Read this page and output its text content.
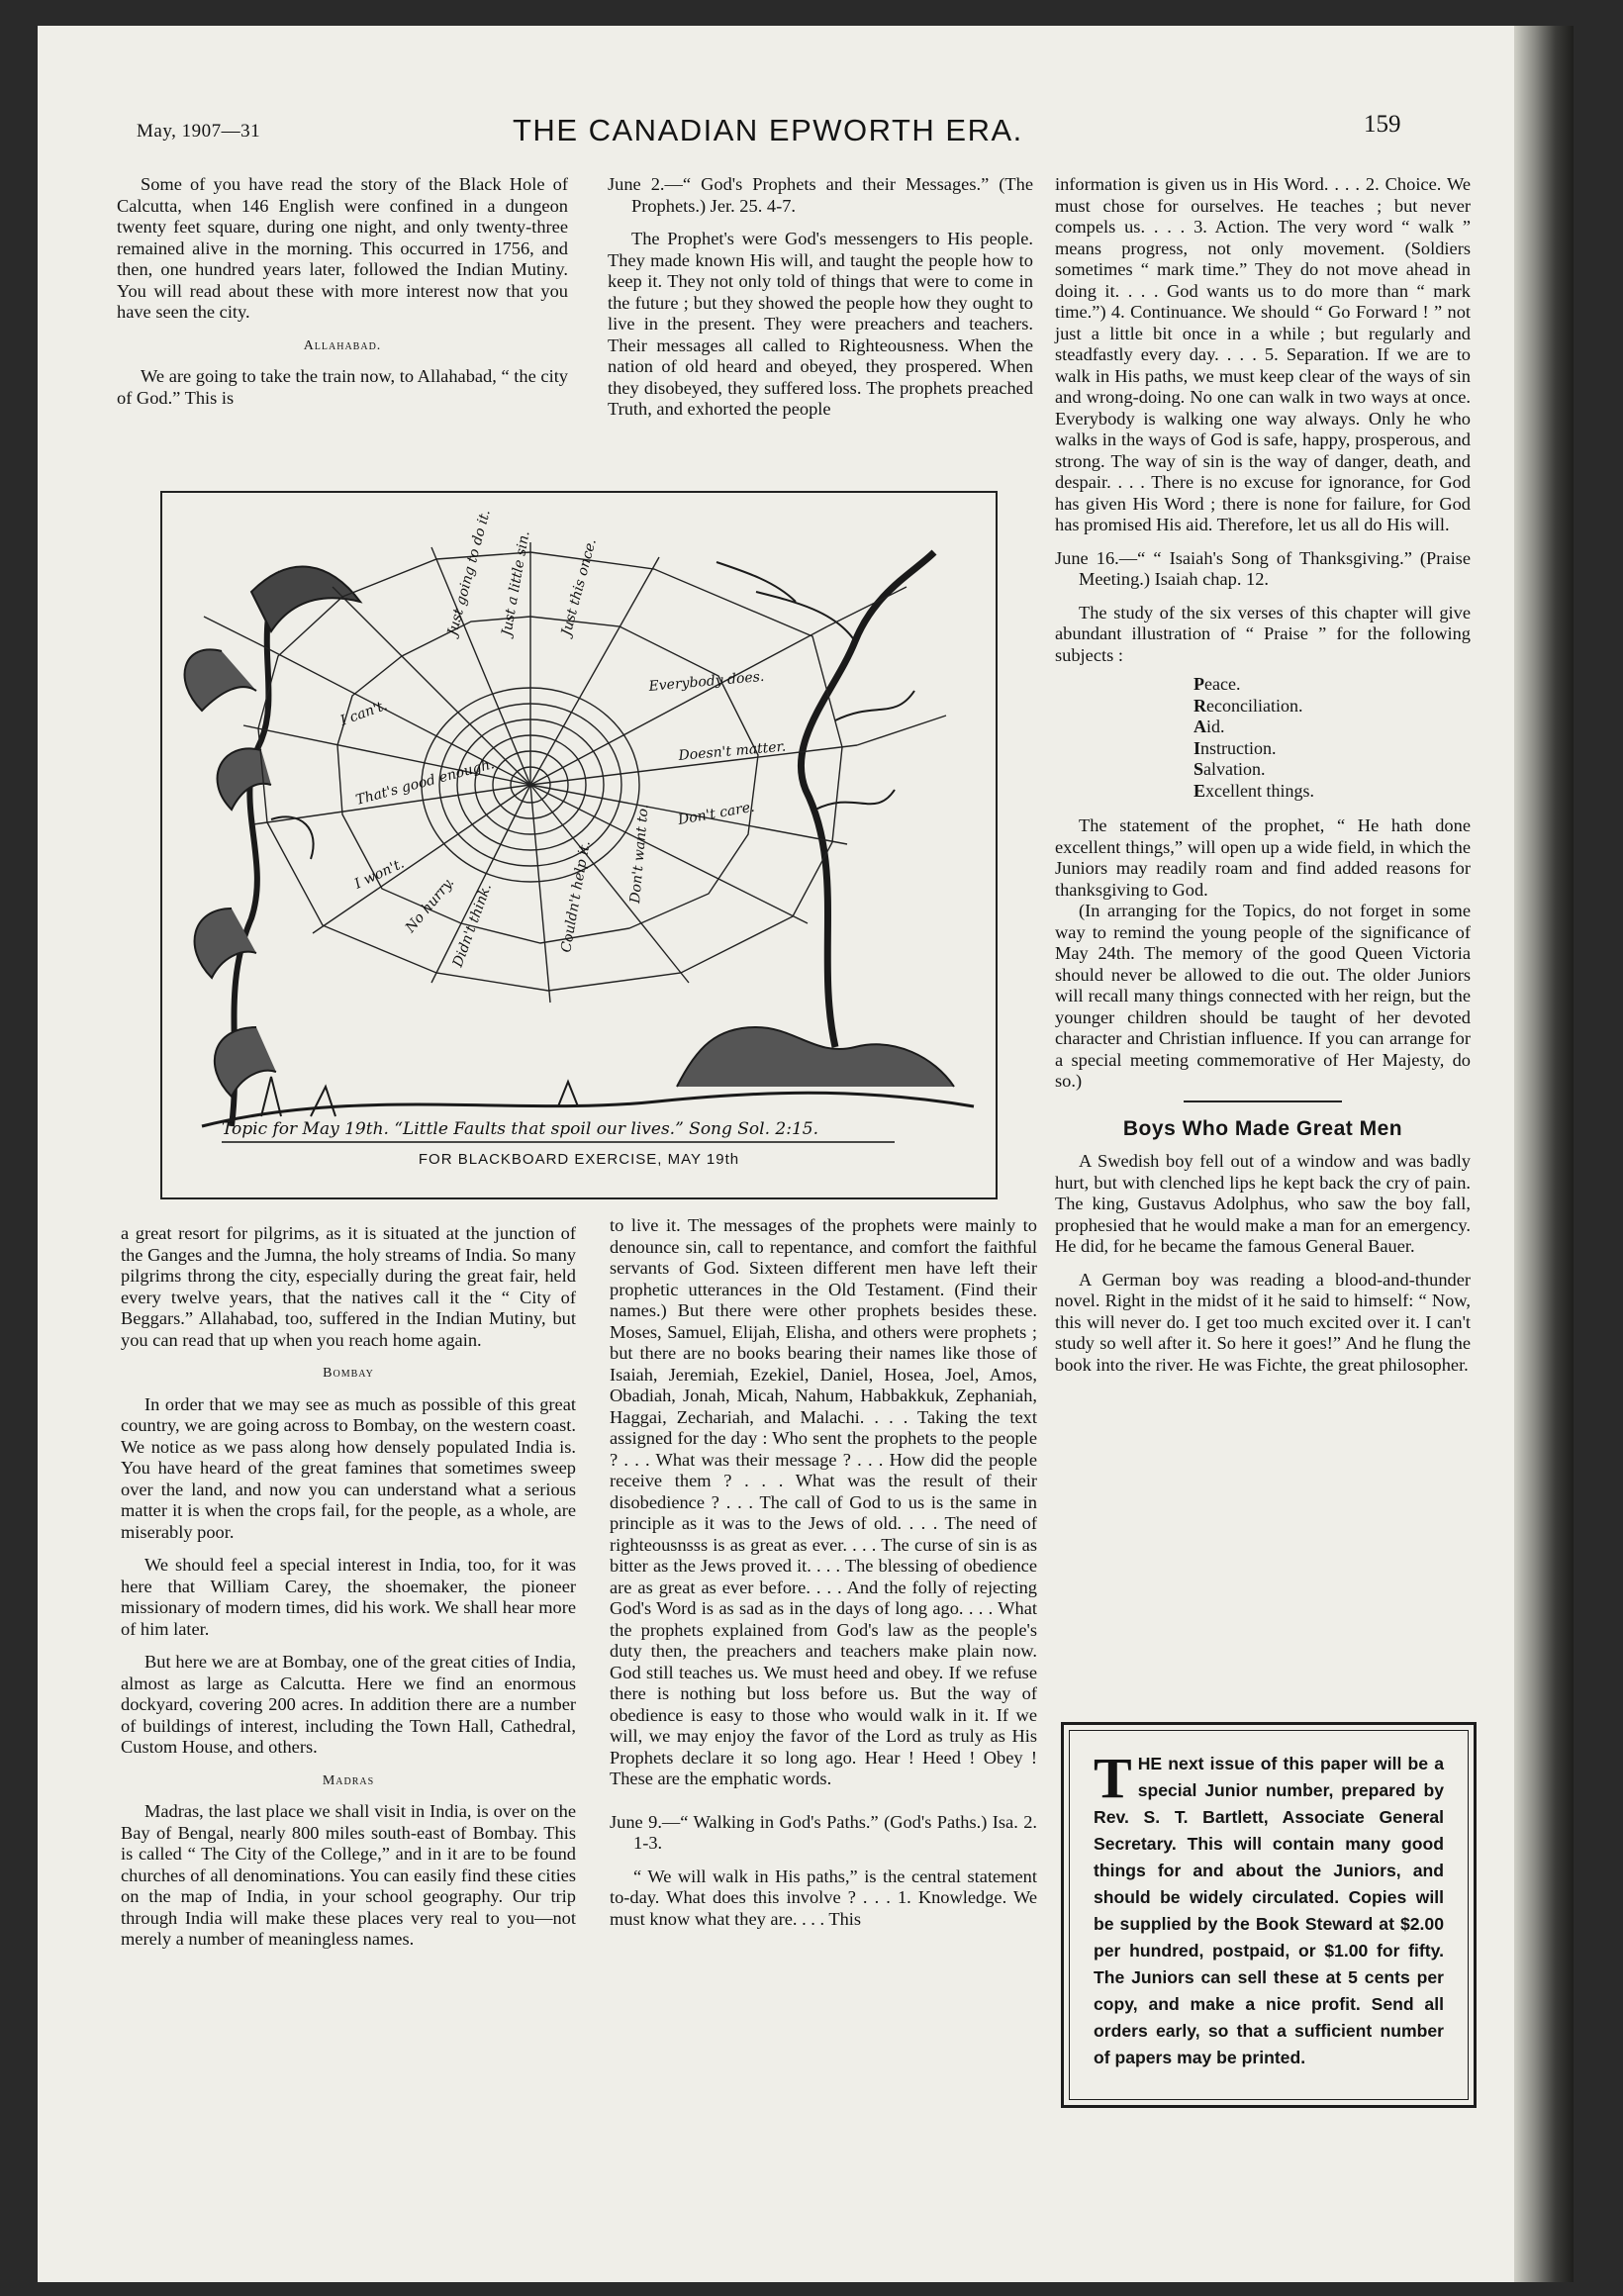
May, 1907—31	THE CANADIAN EPWORTH ERA.	159

Some of you have read the story of the Black Hole of Calcutta, when 146 English were confined in a dungeon twenty feet square, during one night, and only twenty-three remained alive in the morning. This occurred in 1756, and then, one hundred years later, followed the Indian Mutiny. You will read about these with more interest now that you have seen the city.

Allahabad.

We are going to take the train now, to Allahabad, “ the city of God.” This is

June 2.—“ God's Prophets and their Messages.” (The Prophets.) Jer. 25. 4-7.

The Prophet's were God's messengers to His people. They made known His will, and taught the people how to keep it. They not only told of things that were to come in the future ; but they showed the people how they ought to live in the present. They were preachers and teachers. Their messages all called to Righteousness. When the nation of old heard and obeyed, they prospered. When they disobeyed, they suffered loss. The prophets preached Truth, and exhorted the people

I can't.
That's good enough.
I won't.
No hurry.
Didn't think.	Couldn't help it. Don't want to. Don't care.
Doesn't matter.
Everybody does.
Just this once.
Just a little sin.
Just going to do it.
Topic for May 19th. “Little Faults that spoil our lives.” Song Sol. 2:15.
FOR BLACKBOARD EXERCISE, MAY 19th

a great resort for pilgrims, as it is situated at the junction of the Ganges and the Jumna, the holy streams of India. So many pilgrims throng the city, especially during the great fair, held every twelve years, that the natives call it the “ City of Beggars.” Allahabad, too, suffered in the Indian Mutiny, but you can read that up when you reach home again.

Bombay

In order that we may see as much as possible of this great country, we are going across to Bombay, on the western coast. We notice as we pass along how densely populated India is. You have heard of the great famines that sometimes sweep over the land, and now you can understand what a serious matter it is when the crops fail, for the people, as a whole, are miserably poor.

We should feel a special interest in India, too, for it was here that William Carey, the shoemaker, the pioneer missionary of modern times, did his work. We shall hear more of him later.

But here we are at Bombay, one of the great cities of India, almost as large as Calcutta. Here we find an enormous dockyard, covering 200 acres. In addition there are a number of buildings of interest, including the Town Hall, Cathedral, Custom House, and others.

Madras

Madras, the last place we shall visit in India, is over on the Bay of Bengal, nearly 800 miles south-east of Bombay. This is called “ The City of the College,” and in it are to be found churches of all denominations. You can easily find these cities on the map of India, in your school geography. Our trip through India will make these places very real to you—not merely a number of meaningless names.

to live it. The messages of the prophets were mainly to denounce sin, call to repentance, and comfort the faithful servants of God. Sixteen different men have left their prophetic utterances in the Old Testament. (Find their names.) But there were other prophets besides these. Moses, Samuel, Elijah, Elisha, and others were prophets ; but there are no books bearing their names like those of Isaiah, Jeremiah, Ezekiel, Daniel, Hosea, Joel, Amos, Obadiah, Jonah, Micah, Nahum, Habbakkuk, Zephaniah, Haggai, Zechariah, and Malachi. . . . Taking the text assigned for the day : Who sent the prophets to the people ? . . . What was their message ? . . . How did the people receive them ? . . . What was the result of their disobedience ? . . . The call of God to us is the same in principle as it was to the Jews of old. . . . The need of righteousnsss is as great as ever. . . . The curse of sin is as bitter as the Jews proved it. . . . The blessing of obedience are as great as ever before. . . . And the folly of rejecting God's Word is as sad as in the days of long ago. . . . What the prophets explained from God's law as the people's duty then, the preachers and teachers make plain now. God still teaches us. We must heed and obey. If we refuse there is nothing but loss before us. But the way of obedience is easy to those who would walk in it. If we will, we may enjoy the favor of the Lord as truly as His Prophets declare it so long ago. Hear ! Heed ! Obey ! These are the emphatic words.

June 9.—“ Walking in God's Paths.” (God's Paths.) Isa. 2. 1-3.

“ We will walk in His paths,” is the central statement to-day. What does this involve ? . . . 1. Knowledge. We must know what they are. . . . This

information is given us in His Word. . . . 2. Choice. We must chose for ourselves. He teaches ; but never compels us. . . . 3. Action. The very word “ walk ” means progress, not only movement. (Soldiers sometimes “ mark time.” They do not move ahead in doing it. . . . God wants us to do more than “ mark time.”) 4. Continuance. We should “ Go Forward ! ” not just a little bit once in a while ; but regularly and steadfastly every day. . . . 5. Separation. If we are to walk in His paths, we must keep clear of the ways of sin and wrong-doing. No one can walk in two ways at once. Everybody is walking one way always. Only he who walks in the ways of God is safe, happy, prosperous, and strong. The way of sin is the way of danger, death, and despair. . . . There is no excuse for ignorance, for God has given His Word ; there is none for failure, for God has promised His aid. Therefore, let us all do His will.

June 16.—“ “ Isaiah's Song of Thanksgiving.” (Praise Meeting.) Isaiah chap. 12.

The study of the six verses of this chapter will give abundant illustration of “ Praise ” for the following subjects :

Peace.
Reconciliation.
Aid.
Instruction.
Salvation.
Excellent things.

The statement of the prophet, “ He hath done excellent things,” will open up a wide field, in which the Juniors may readily roam and find added reasons for thanksgiving to God.

(In arranging for the Topics, do not forget in some way to remind the young people of the significance of May 24th. The memory of the good Queen Victoria should never be allowed to die out. The older Juniors will recall many things connected with her reign, but the younger children should be taught of her devoted character and Christian influence. If you can arrange for a special meeting commemorative of Her Majesty, do so.)

Boys Who Made Great Men

A Swedish boy fell out of a window and was badly hurt, but with clenched lips he kept back the cry of pain. The king, Gustavus Adolphus, who saw the boy fall, prophesied that he would make a man for an emergency. He did, for he became the famous General Bauer.

A German boy was reading a blood-and-thunder novel. Right in the midst of it he said to himself: “ Now, this will never do. I get too much excited over it. I can't study so well after it. So here it goes!” And he flung the book into the river. He was Fichte, the great philosopher.

THE next issue of this paper will be a special Junior number, prepared by Rev. S. T. Bartlett, Associate General Secretary. This will contain many good things for and about the Juniors, and should be widely circulated. Copies will be supplied by the Book Steward at $2.00 per hundred, postpaid, or $1.00 for fifty. The Juniors can sell these at 5 cents per copy, and make a nice profit. Send all orders early, so that a sufficient number of papers may be printed.
